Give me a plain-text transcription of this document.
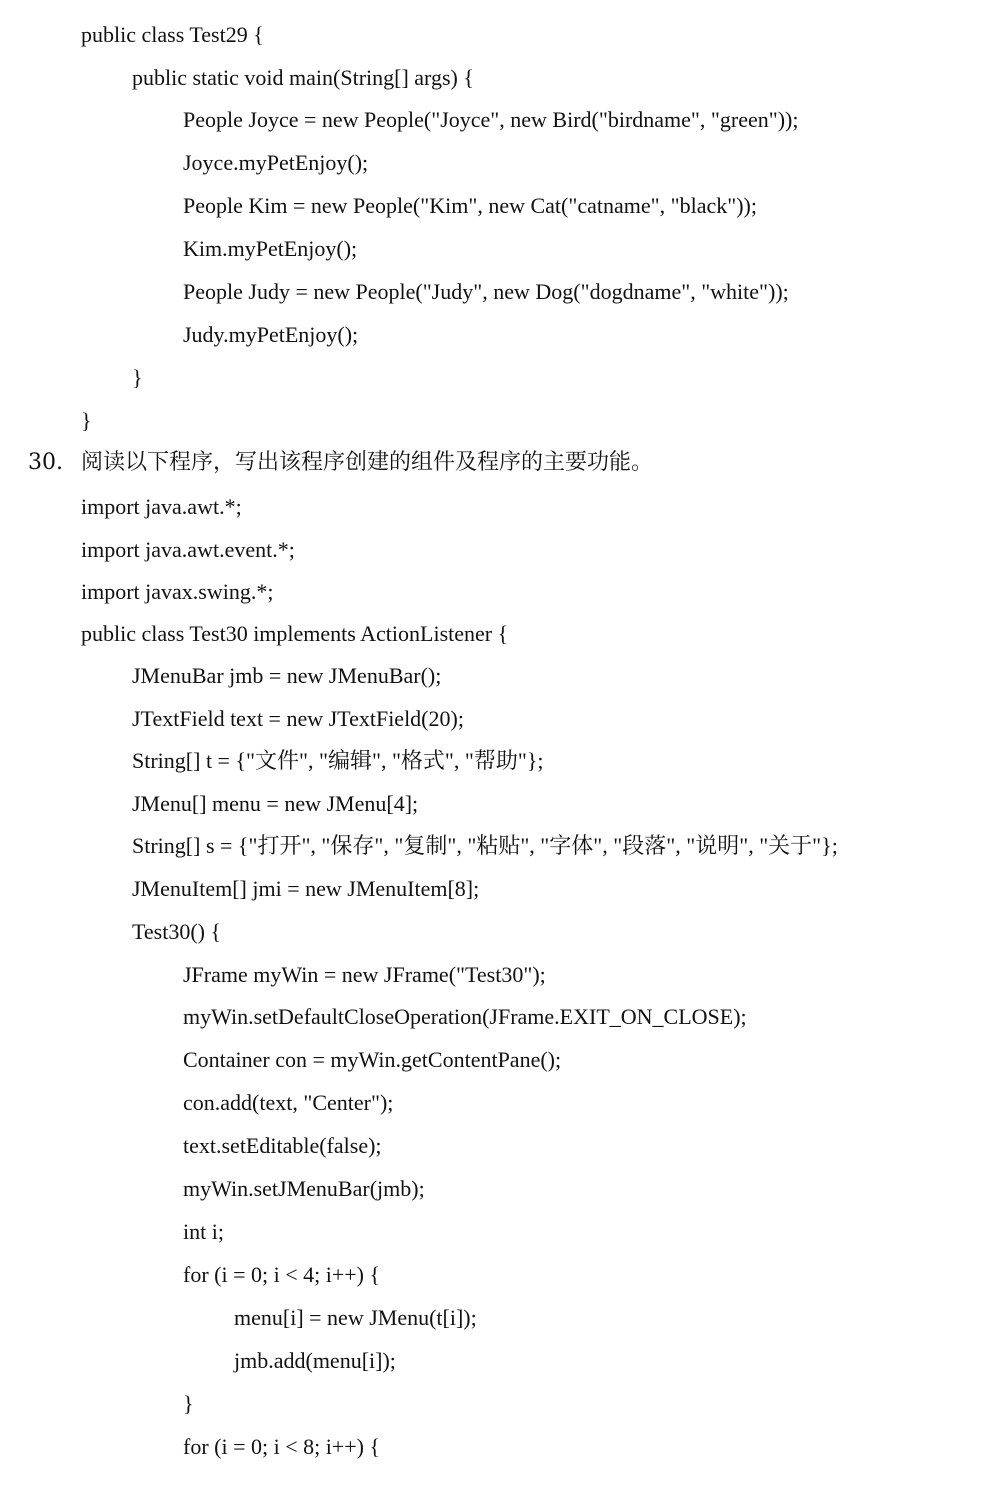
public class Test29 {
public static void main(String[] args) {
People Joyce = new People("Joyce", new Bird("birdname", "green"));
Joyce.myPetEnjoy();
People Kim = new People("Kim", new Cat("catname", "black"));
Kim.myPetEnjoy();
People Judy = new People("Judy", new Dog("dogdname", "white"));
Judy.myPetEnjoy();
}
}
30. 阅读以下程序，写出该程序创建的组件及程序的主要功能。
import java.awt.*;
import java.awt.event.*;
import javax.swing.*;
public class Test30 implements ActionListener {
JMenuBar jmb = new JMenuBar();
JTextField text = new JTextField(20);
String[] t = {"文件", "编辑", "格式", "帮助"};
JMenu[] menu = new JMenu[4];
String[] s = {"打开", "保存", "复制", "粘贴", "字体", "段落", "说明", "关于"};
JMenuItem[] jmi = new JMenuItem[8];
Test30() {
JFrame myWin = new JFrame("Test30");
myWin.setDefaultCloseOperation(JFrame.EXIT_ON_CLOSE);
Container con = myWin.getContentPane();
con.add(text, "Center");
text.setEditable(false);
myWin.setJMenuBar(jmb);
int i;
for (i = 0; i < 4; i++) {
menu[i] = new JMenu(t[i]);
jmb.add(menu[i]);
}
for (i = 0; i < 8; i++) {
